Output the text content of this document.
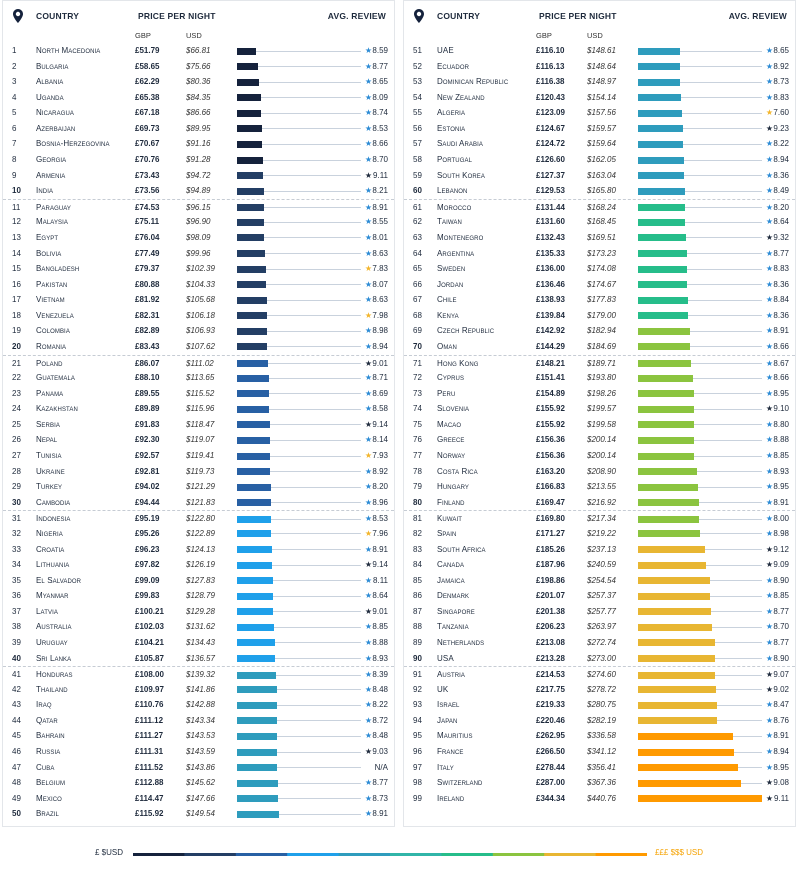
COUNTRY	PRICE PER NIGHT	AVG. REVIEW
GBP	USD
1	North Macedonia	£51.79	$66.81	★ 8.59
2	Bulgaria	£58.65	$75.66	★ 8.77
3	Albania	£62.29	$80.36	★ 8.65
4	Uganda	£65.38	$84.35	★ 8.09
5	Nicaragua	£67.18	$86.66	★ 8.74
6	Azerbaijan	£69.73	$89.95	★ 8.53
7	Bosnia-Herzegovina	£70.67	$91.16	★ 8.66
8	Georgia	£70.76	$91.28	★ 8.70
9	Armenia	£73.43	$94.72	★ 9.11
10	India	£73.56	$94.89	★ 8.21
11	Paraguay	£74.53	$96.15	★ 8.91
12	Malaysia	£75.11	$96.90	★ 8.55
13	Egypt	£76.04	$98.09	★ 8.01
14	Bolivia	£77.49	$99.96	★ 8.63
15	Bangladesh	£79.37	$102.39	★ 7.83
16	Pakistan	£80.88	$104.33	★ 8.07
17	Vietnam	£81.92	$105.68	★ 8.63
18	Venezuela	£82.31	$106.18	★ 7.98
19	Colombia	£82.89	$106.93	★ 8.98
20	Romania	£83.43	$107.62	★ 8.94
21	Poland	£86.07	$111.02	★ 9.01
22	Guatemala	£88.10	$113.65	★ 8.71
23	Panama	£89.55	$115.52	★ 8.69
24	Kazakhstan	£89.89	$115.96	★ 8.58
25	Serbia	£91.83	$118.47	★ 9.14
26	Nepal	£92.30	$119.07	★ 8.14
27	Tunisia	£92.57	$119.41	★ 7.93
28	Ukraine	£92.81	$119.73	★ 8.92
29	Turkey	£94.02	$121.29	★ 8.20
30	Cambodia	£94.44	$121.83	★ 8.96
31	Indonesia	£95.19	$122.80	★ 8.53
32	Nigeria	£95.26	$122.89	★ 7.96
33	Croatia	£96.23	$124.13	★ 8.91
34	Lithuania	£97.82	$126.19	★ 9.14
35	El Salvador	£99.09	$127.83	★ 8.11
36	Myanmar	£99.83	$128.79	★ 8.64
37	Latvia	£100.21	$129.28	★ 9.01
38	Australia	£102.03	$131.62	★ 8.85
39	Uruguay	£104.21	$134.43	★ 8.88
40	Sri Lanka	£105.87	$136.57	★ 8.93
41	Honduras	£108.00	$139.32	★ 8.39
42	Thailand	£109.97	$141.86	★ 8.48
43	Iraq	£110.76	$142.88	★ 8.22
44	Qatar	£111.12	$143.34	★ 8.72
45	Bahrain	£111.27	$143.53	★ 8.48
46	Russia	£111.31	$143.59	★ 9.03
47	Cuba	£111.52	$143.86	N/A
48	Belgium	£112.88	$145.62	★ 8.77
49	Mexico	£114.47	$147.66	★ 8.73
50	Brazil	£115.92	$149.54	★ 8.91
COUNTRY	PRICE PER NIGHT	AVG. REVIEW
GBP	USD
51	UAE	£116.10	$148.61	★ 8.65
52	Ecuador	£116.13	$148.64	★ 8.92
53	Dominican Republic	£116.38	$148.97	★ 8.73
54	New Zealand	£120.43	$154.14	★ 8.83
55	Algeria	£123.09	$157.56	★ 7.60
56	Estonia	£124.67	$159.57	★ 9.23
57	Saudi Arabia	£124.72	$159.64	★ 8.22
58	Portugal	£126.60	$162.05	★ 8.94
59	South Korea	£127.37	$163.04	★ 8.36
60	Lebanon	£129.53	$165.80	★ 8.49
61	Morocco	£131.44	$168.24	★ 8.20
62	Taiwan	£131.60	$168.45	★ 8.64
63	Montenegro	£132.43	$169.51	★ 9.32
64	Argentina	£135.33	$173.23	★ 8.77
65	Sweden	£136.00	$174.08	★ 8.83
66	Jordan	£136.46	$174.67	★ 8.36
67	Chile	£138.93	$177.83	★ 8.84
68	Kenya	£139.84	$179.00	★ 8.36
69	Czech Republic	£142.92	$182.94	★ 8.91
70	Oman	£144.29	$184.69	★ 8.66
71	Hong Kong	£148.21	$189.71	★ 8.67
72	Cyprus	£151.41	$193.80	★ 8.66
73	Peru	£154.89	$198.26	★ 8.95
74	Slovenia	£155.92	$199.57	★ 9.10
75	Macao	£155.92	$199.58	★ 8.80
76	Greece	£156.36	$200.14	★ 8.88
77	Norway	£156.36	$200.14	★ 8.85
78	Costa Rica	£163.20	$208.90	★ 8.93
79	Hungary	£166.83	$213.55	★ 8.95
80	Finland	£169.47	$216.92	★ 8.91
81	Kuwait	£169.80	$217.34	★ 8.00
82	Spain	£171.27	$219.22	★ 8.98
83	South Africa	£185.26	$237.13	★ 9.12
84	Canada	£187.96	$240.59	★ 9.09
85	Jamaica	£198.86	$254.54	★ 8.90
86	Denmark	£201.07	$257.37	★ 8.85
87	Singapore	£201.38	$257.77	★ 8.77
88	Tanzania	£206.23	$263.97	★ 8.70
89	Netherlands	£213.08	$272.74	★ 8.77
90	USA	£213.28	$273.00	★ 8.90
91	Austria	£214.53	$274.60	★ 9.07
92	UK	£217.75	$278.72	★ 9.02
93	Israel	£219.33	$280.75	★ 8.47
94	Japan	£220.46	$282.19	★ 8.76
95	Mauritius	£262.95	$336.58	★ 8.91
96	France	£266.50	$341.12	★ 8.94
97	Italy	£278.44	$356.41	★ 8.95
98	Switzerland	£287.00	$367.36	★ 9.08
99	Ireland	£344.34	$440.76	★ 9.11
£ $USD	£££ $$$ USD
